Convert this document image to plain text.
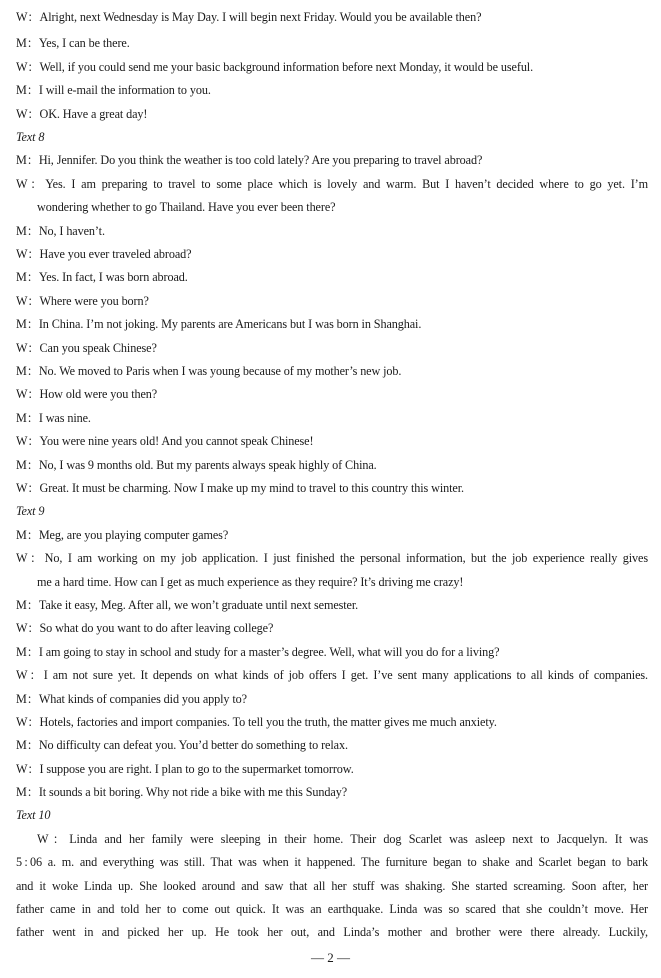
W：Alright, next Wednesday is May Day. I will begin next Friday. Would you be available then?
M：Yes, I can be there.
W：Well, if you could send me your basic background information before next Monday, it would be useful.
M：I will e-mail the information to you.
W：OK. Have a great day!
Text 8
M：Hi, Jennifer. Do you think the weather is too cold lately? Are you preparing to travel abroad?
W：Yes. I am preparing to travel to some place which is lovely and warm. But I haven’t decided where to go yet. I’m
wondering whether to go Thailand. Have you ever been there?
M：No, I haven’t.
W：Have you ever traveled abroad?
M：Yes. In fact, I was born abroad.
W：Where were you born?
M：In China. I’m not joking. My parents are Americans but I was born in Shanghai.
W：Can you speak Chinese?
M：No. We moved to Paris when I was young because of my mother’s new job.
W：How old were you then?
M：I was nine.
W：You were nine years old! And you cannot speak Chinese!
M：No, I was 9 months old. But my parents always speak highly of China.
W：Great. It must be charming. Now I make up my mind to travel to this country this winter.
Text 9
M：Meg, are you playing computer games?
W：No, I am working on my job application. I just finished the personal information, but the job experience really gives
me a hard time. How can I get as much experience as they require? It’s driving me crazy!
M：Take it easy, Meg. After all, we won’t graduate until next semester.
W：So what do you want to do after leaving college?
M：I am going to stay in school and study for a master’s degree. Well, what will you do for a living?
W：I am not sure yet. It depends on what kinds of job offers I get. I’ve sent many applications to all kinds of companies.
M：What kinds of companies did you apply to?
W：Hotels, factories and import companies. To tell you the truth, the matter gives me much anxiety.
M：No difficulty can defeat you. You’d better do something to relax.
W：I suppose you are right. I plan to go to the supermarket tomorrow.
M：It sounds a bit boring. Why not ride a bike with me this Sunday?
Text 10
W：Linda and her family were sleeping in their home. Their dog Scarlet was asleep next to Jacquelyn. It was
5 : 06 a. m. and everything was still. That was when it happened. The furniture began to shake and Scarlet began to bark
and it woke Linda up. She looked around and saw that all her stuff was shaking. She started screaming. Soon after, her
father came in and told her to come out quick. It was an earthquake. Linda was so scared that she couldn’t move. Her
father went in and picked her up. He took her out, and Linda’s mother and brother were there already. Luckily,
— 2 —
